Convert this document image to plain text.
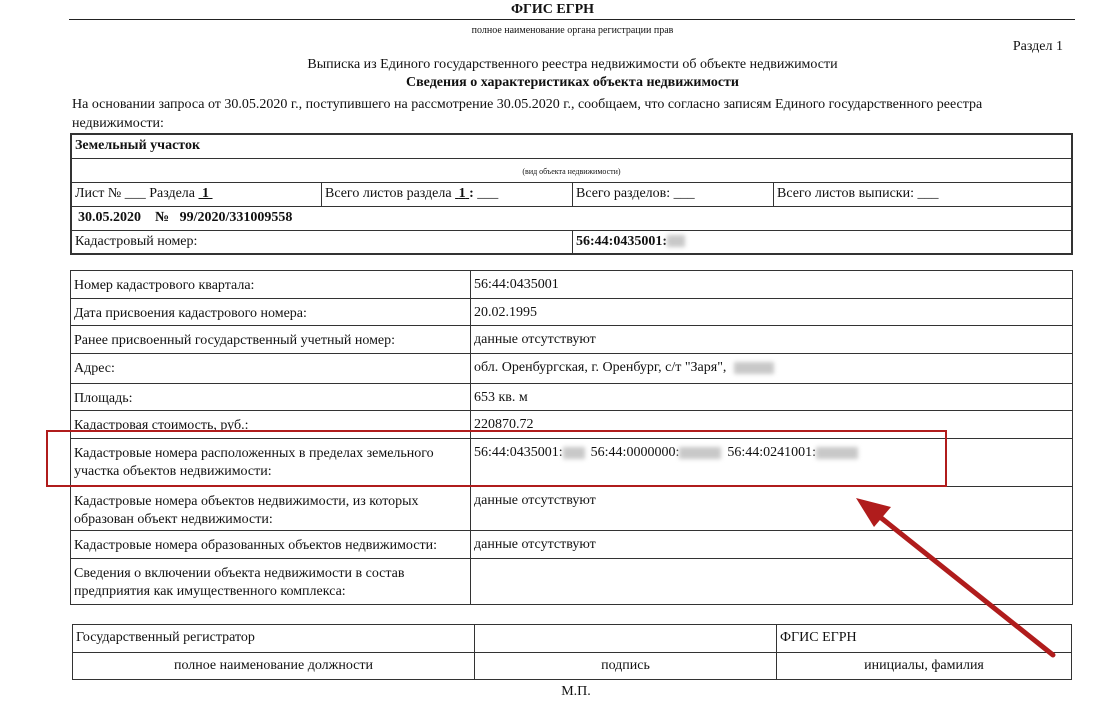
ФГИС ЕГРН
полное наименование органа регистрации прав
Раздел 1
Выписка из Единого государственного реестра недвижимости об объекте недвижимости
Сведения о характеристиках объекта недвижимости
На основании запроса от 30.05.2020 г., поступившего на рассмотрение 30.05.2020 г., сообщаем, что согласно записям Единого государственного реестра недвижимости:
Земельный участок			
(вид объекта недвижимости)			
Лист № ___ Раздела 1	Всего листов раздела 1 : ___	Всего разделов: ___	Всего листов выписки: ___
30.05.2020 № 99/2020/331009558			
Кадастровый номер:		56:44:0435001:	
Номер кадастрового квартала:	56:44:0435001
Дата присвоения кадастрового номера:	20.02.1995
Ранее присвоенный государственный учетный номер:	данные отсутствуют
Адрес:	обл. Оренбургская, г. Оренбург, с/т "Заря",
Площадь:	653 кв. м
Кадастровая стоимость, руб.:	220870.72
Кадастровые номера расположенных в пределах земельного участка объектов недвижимости:	56:44:0435001: 56:44:0000000: 56:44:0241001:
Кадастровые номера объектов недвижимости, из которых образован объект недвижимости:	данные отсутствуют
Кадастровые номера образованных объектов недвижимости:	данные отсутствуют
Сведения о включении объекта недвижимости в состав предприятия как имущественного комплекса:	
Государственный регистратор		ФГИС ЕГРН
полное наименование должности	подпись	инициалы, фамилия
М.П.
